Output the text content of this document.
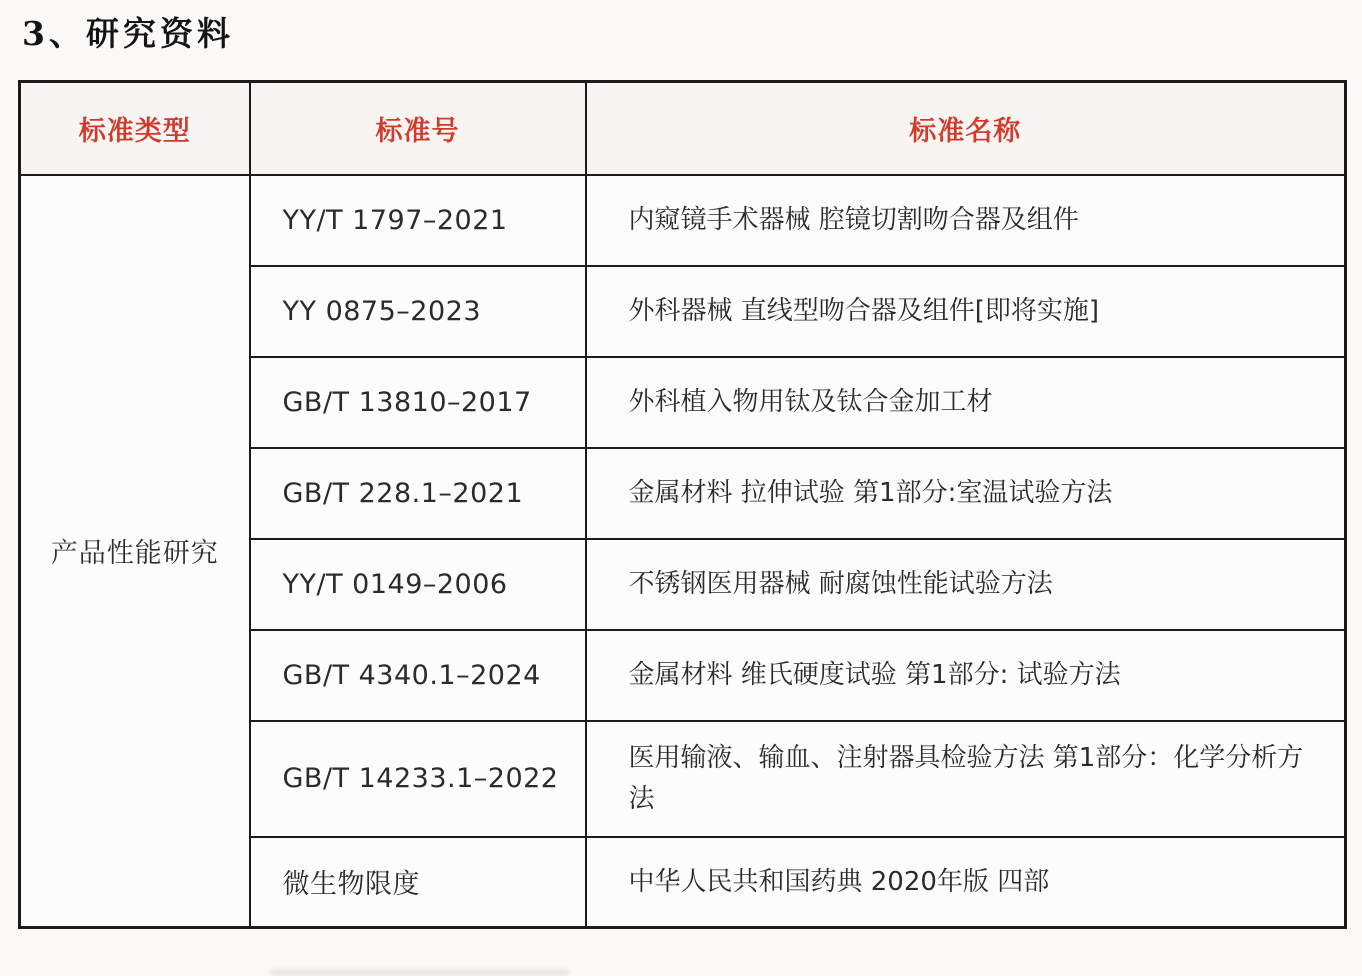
3、研究资料
标准类型	标准号	标准名称
产品性能研究	YY/T 1797–2021	内窥镜手术器械 腔镜切割吻合器及组件
	YY 0875–2023	外科器械 直线型吻合器及组件[即将实施]
	GB/T 13810–2017	外科植入物用钛及钛合金加工材
	GB/T 228.1–2021	金属材料 拉伸试验 第1部分:室温试验方法
	YY/T 0149–2006	不锈钢医用器械 耐腐蚀性能试验方法
	GB/T 4340.1–2024	金属材料 维氏硬度试验 第1部分: 试验方法
	GB/T 14233.1–2022	医用输液、输血、注射器具检验方法 第1部分：化学分析方法
	微生物限度	中华人民共和国药典 2020年版 四部
